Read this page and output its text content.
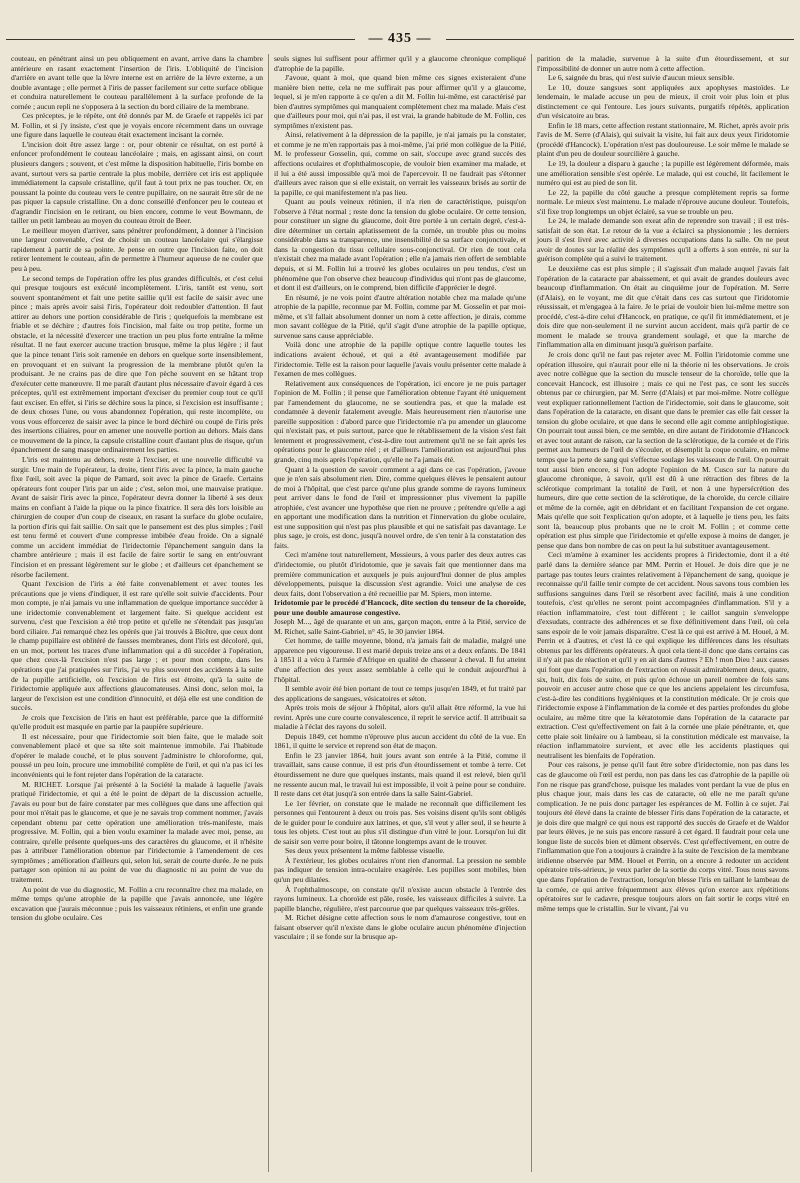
— 435 —

couteau, en pénétrant ainsi un peu obliquement en avant, arrive dans la chambre antérieure en rasant exactement l'insertion de l'iris. L'obliquité de l'incision d'arrière en avant telle que la lèvre interne est en arrière de la lèvre externe, a un double avantage ; elle permet à l'iris de passer facilement sur cette surface oblique et conduira naturellement le couteau parallèlement à la surface profonde de la cornée ; aucun repli ne s'opposera à la section du bord ciliaire de la membrane.

Ces préceptes, je le répète, ont été donnés par M. de Graefe et rappelés ici par M. Follin, et si j'y insiste, c'est que je voyais encore récemment dans un ouvrage une figure dans laquelle le couteau était exactement incisant la cornée.

L'incision doit être assez large : or, pour obtenir ce résultat, on est porté à enfoncer profondément le couteau lancéolaire ; mais, en agissant ainsi, on court plusieurs dangers ; souvent, et c'est même la disposition habituelle, l'iris bombe en avant, surtout vers sa partie centrale la plus mobile, derrière cet iris est appliquée immédiatement la capsule cristalline, qu'il faut à tout prix ne pas toucher. Or, en poussant la pointe du couteau vers le centre pupillaire, on ne saurait être sûr de ne pas piquer la capsule cristalline. On a donc conseillé d'enfoncer peu le couteau et d'agrandir l'incision en le retirant, ou bien encore, comme le veut Bowmann, de tailler un petit lambeau au moyen du couteau étroit de Beer.

Le meilleur moyen d'arriver, sans pénétrer profondément, à donner à l'incision une largeur convenable, c'est de choisir un couteau lancéolaire qui s'élargisse rapidement à partir de sa pointe. Je pense en outre que l'incision faite, on doit retirer lentement le couteau, afin de permettre à l'humeur aqueuse de ne couler que peu à peu.

Le second temps de l'opération offre les plus grandes difficultés, et c'est celui qui presque toujours est exécuté incomplètement. L'iris, tantôt est venu, sort souvent spontanément et fait une petite saillie qu'il est facile de saisir avec une pince ; mais après avoir saisi l'iris, l'opérateur doit redoubler d'attention. Il faut attirer au dehors une portion considérable de l'iris ; quelquefois la membrane est friable et se déchire ; d'autres fois l'incision, mal faite ou trop petite, forme un obstacle, et la nécessité d'exercer une traction un peu plus forte entraîne la même résultat. Il ne faut exercer aucune traction brusque, même la plus légère ; il faut que la pince tenant l'iris soit ramenée en dehors en quelque sorte insensiblement, en provoquant et en suivant la progression de la membrane plutôt qu'en la produisant. Je ne crains pas de dire que l'on pèche souvent en se hâtant trop d'exécuter cette manœuvre. Il me paraît d'autant plus nécessaire d'avoir égard à ces préceptes, qu'il est extrêmement important d'exciser du premier coup tout ce qu'il faut exciser. En effet, si l'iris se déchire sous la pince, si l'excision est insuffisante ; de deux choses l'une, ou vous abandonnez l'opération, qui reste incomplète, ou vous vous efforcerez de saisir avec la pince le bord déchiré ou coupé de l'iris près des insertions ciliaires, pour en amener une nouvelle portion au dehors. Mais dans ce mouvement de la pince, la capsule cristalline court d'autant plus de risque, qu'un épanchement de sang masque ordinairement les parties.

L'iris est maintenu au dehors, reste à l'exciser, et une nouvelle difficulté va surgir. Une main de l'opérateur, la droite, tient l'iris avec la pince, la main gauche fixe l'œil, soit avec la pique de Pamard, soit avec la pince de Graefe. Certains opérateurs font couper l'iris par un aide ; c'est, selon moi, une mauvaise pratique. Avant de saisir l'iris avec la pince, l'opérateur devra donner la liberté à ses deux mains en confiant à l'aide la pique ou la pince fixatrice. Il sera dès lors loisible au chirurgien de couper d'un coup de ciseaux, en rasant la surface du globe oculaire, la portion d'iris qui fait saillie. On sait que le pansement est des plus simples ; l'œil est tenu fermé et couvert d'une compresse imbibée d'eau froide. On a signalé comme un accident immédiat de l'iridectomie l'épanchement sanguin dans la chambre antérieure ; mais il est facile de faire sortir le sang en entr'ouvrant l'incision et en pressant légèrement sur le globe ; et d'ailleurs cet épanchement se résorbe facilement.

Quant l'excision de l'iris a été faite convenablement et avec toutes les précautions que je viens d'indiquer, il est rare qu'elle soit suivie d'accidents. Pour mon compte, je n'ai jamais vu une inflammation de quelque importance succéder à une iridectomie convenablement et largement faite. Si quelque accident est survenu, c'est que l'excision a été trop petite et qu'elle ne s'étendait pas jusqu'au bord ciliaire. J'ai remarqué chez les opérés que j'ai trouvés à Bicêtre, que ceux dont le champ pupillaire est oblitéré de fausses membranes, dont l'iris est décoloré, qui, en un mot, portent les traces d'une inflammation qui a dû succéder à l'opération, que chez ceux-là l'excision n'est pas large ; et pour mon compte, dans les opérations que j'ai pratiquées sur l'iris, j'ai vu plus souvent des accidents à la suite de la pupille artificielle, où l'excision de l'iris est étroite, qu'à la suite de l'iridectomie appliquée aux affections glaucomateuses. Ainsi donc, selon moi, la largeur de l'excision est une condition d'innocuité, et déjà elle est une condition de succès.

Je crois que l'excision de l'iris en haut est préférable, parce que la difformité qu'elle produit est masquée en partie par la paupière supérieure.

Il est nécessaire, pour que l'iridectomie soit bien faite, que le malade soit convenablement placé et que sa tête soit maintenue immobile. J'ai l'habitude d'opérer le malade couché, et le plus souvent j'administre le chloroforme, qui, poussé un peu loin, procure une immobilité complète de l'œil, et qui n'a pas ici les inconvénients qui le font rejeter dans l'opération de la cataracte.

M. RICHET. Lorsque j'ai présenté à la Société la malade à laquelle j'avais pratiqué l'iridectomie, et qui a été le point de départ de la discussion actuelle, j'avais eu pour but de faire constater par mes collègues que dans une affection qui pour moi n'était pas le glaucome, et que je ne savais trop comment nommer, j'avais cependant obtenu par cette opération une amélioration très-manifeste, mais progressive. M. Follin, qui a bien voulu examiner la malade avec moi, pense, au contraire, qu'elle présente quelques-uns des caractères du glaucome, et il n'hésite pas à attribuer l'amélioration obtenue par l'iridectomie à l'amendement de ces symptômes ; amélioration d'ailleurs qui, selon lui, serait de courte durée. Je ne puis partager son opinion ni au point de vue du diagnostic ni au point de vue du traitement.

Au point de vue du diagnostic, M. Follin a cru reconnaître chez ma malade, en même temps qu'une atrophie de la papille que j'avais annoncée, une légère excavation que j'aurais méconnue ; puis les vaisseaux rétiniens, et enfin une grande tension du globe oculaire. Ces

seuls signes lui suffisent pour affirmer qu'il y a glaucome chronique compliqué d'atrophie de la papille.

J'avoue, quant à moi, que quand bien même ces signes existeraient d'une manière bien nette, cela ne me suffirait pas pour affirmer qu'il y a glaucome, lequel, si je m'en rapporte à ce qu'en a dit M. Follin lui-même, est caractérisé par bien d'autres symptômes qui manquaient complètement chez ma malade. Mais c'est que d'ailleurs pour moi, qui n'ai pas, il est vrai, la grande habitude de M. Follin, ces symptômes n'existent pas.

Ainsi, relativement à la dépression de la papille, je n'ai jamais pu la constater, et comme je ne m'en rapportais pas à moi-même, j'ai prié mon collègue de la Pitié, M. le professeur Gosselin, qui, comme on sait, s'occupe avec grand succès des affections oculaires et d'ophthalmoscopie, de vouloir bien examiner ma malade, et il lui a été aussi impossible qu'à moi de l'apercevoir. Il ne faudrait pas s'étonner d'ailleurs avec raison que si elle existait, on verrait les vaisseaux brisés au sortir de la papille, ce qui manifestement n'a pas lieu.

Quant au pouls veineux rétinien, il n'a rien de caractéristique, puisqu'on l'observe à l'état normal ; reste donc la tension du globe oculaire. Or cette tension, pour constituer un signe du glaucome, doit être portée à un certain degré, c'est-à-dire déterminer un certain aplatissement de la cornée, un trouble plus ou moins considérable dans sa transparence, une insensibilité de sa surface conjonctivale, et dans la congestion du tissu cellulaire sous-conjonctival. Or rien de tout cela n'existait chez ma malade avant l'opération ; elle n'a jamais rien offert de semblable depuis, et si M. Follin lui a trouvé les globes oculaires un peu tendus, c'est un phénomène que l'on observe chez beaucoup d'individus qui n'ont pas de glaucome, et dont il est d'ailleurs, on le comprend, bien difficile d'apprécier le degré.

En résumé, je ne vois point d'autre altération notable chez ma malade qu'une atrophie de la papille, reconnue par M. Follin, comme par M. Gosselin et par moi-même, et s'il fallait absolument donner un nom à cette affection, je dirais, comme mon savant collègue de la Pitié, qu'il s'agit d'une atrophie de la papille optique, survenue sans cause appréciable.

Voilà donc une atrophie de la papille optique contre laquelle toutes les indications avaient échoué, et qui a été avantageusement modifiée par l'iridectomie. Telle est la raison pour laquelle j'avais voulu présenter cette malade à l'examen de mes collègues.

Relativement aux conséquences de l'opération, ici encore je ne puis partager l'opinion de M. Follin ; il pense que l'amélioration obtenue l'ayant été uniquement par l'amendement du glaucome, ne se soutiendra pas, et que la malade est condamnée à devenir fatalement aveugle. Mais heureusement rien n'autorise une pareille supposition : d'abord parce que l'iridectomie n'a pu amender un glaucome qui n'existait pas, et puis surtout, parce que le rétablissement de la vision s'est fait lentement et progressivement, c'est-à-dire tout autrement qu'il ne se fait après les opérations pour le glaucome réel ; et d'ailleurs l'amélioration est aujourd'hui plus grande, cinq mois après l'opération, qu'elle ne l'a jamais été.

Quant à la question de savoir comment a agi dans ce cas l'opération, j'avoue que je n'en sais absolument rien. Dire, comme quelques élèves le pensaient autour de moi à l'hôpital, que c'est parce qu'une plus grande somme de rayons lumineux peut arriver dans le fond de l'œil et impressionner plus vivement la papille atrophiée, c'est avancer une hypothèse que rien ne prouve ; prétendre qu'elle a agi en apportant une modification dans la nutrition et l'innervation du globe oculaire, est une supposition qui n'est pas plus plausible et qui ne satisfait pas davantage. Le plus sage, je crois, est donc, jusqu'à nouvel ordre, de s'en tenir à la constatation des faits.

Ceci m'amène tout naturellement, Messieurs, à vous parler des deux autres cas d'iridectomie, ou plutôt d'iridotomie, que je savais fait que mentionner dans ma première communication et auxquels je puis aujourd'hui donner de plus amples développements, puisque la discussion s'est agrandie. Voici une analyse de ces deux faits, dont l'observation a été recueillie par M. Spiers, mon interne.

Iridotomie par le procédé d'Hancock, dite section du tenseur de la choroïde, pour une double amaurose congestive.

Joseph M..., âgé de quarante et un ans, garçon maçon, entre à la Pitié, service de M. Richet, salle Saint-Gabriel, n° 45, le 30 janvier 1864.

Cet homme, de taille moyenne, blond, n'a jamais fait de maladie, malgré une apparence peu vigoureuse. Il est marié depuis treize ans et a deux enfants. De 1841 à 1851 il a vécu à l'armée d'Afrique en qualité de chasseur à cheval. Il fut atteint d'une affection des yeux assez semblable à celle qui le conduit aujourd'hui à l'hôpital.

Il semble avoir été bien portant de tout ce temps jusqu'en 1849, et fut traité par des applications de sangsues, vésicatoires et séton.

Après trois mois de séjour à l'hôpital, alors qu'il allait être réformé, la vue lui revint. Après une cure courte convalescence, il reprit le service actif. Il attribuait sa maladie à l'éclat des rayons du soleil.

Depuis 1849, cet homme n'éprouve plus aucun accident du côté de la vue. En 1861, il quitte le service et reprend son état de maçon.

Enfin le 23 janvier 1864, huit jours avant son entrée à la Pitié, comme il travaillait, sans cause connue, il est pris d'un étourdissement et tombe à terre. Cet étourdissement ne dure que quelques instants, mais quand il est relevé, bien qu'il ne ressente aucun mal, le travail lui est impossible, il voit à peine pour se conduire. Il reste dans cet état jusqu'à son entrée dans la salle Saint-Gabriel.

Le 1er février, on constate que le malade ne reconnaît que difficilement les personnes qui l'entourent à deux ou trois pas. Ses voisins disent qu'ils sont obligés de le guider pour le conduire aux latrines, et que, s'il veut y aller seul, il se heurte à tous les objets. C'est tout au plus s'il distingue d'un vitré le jour. Lorsqu'on lui dit de saisir son verre pour boire, il tâtonne longtemps avant de le trouver.

Ses deux yeux présentent la même faiblesse visuelle.

À l'extérieur, les globes oculaires n'ont rien d'anormal. La pression ne semble pas indiquer de tension intra-oculaire exagérée. Les pupilles sont mobiles, bien qu'un peu dilatées.

À l'ophthalmoscope, on constate qu'il n'existe aucun obstacle à l'entrée des rayons lumineux. La choroïde est pâle, rosée, les vaisseaux difficiles à suivre. La papille blanche, régulière, n'est parcourue que par quelques vaisseaux très-grêles.

M. Richet désigne cette affection sous le nom d'amaurose congestive, tout en faisant observer qu'il n'existe dans le globe oculaire aucun phénomène d'injection vasculaire ; il se fonde sur la brusque ap-

parition de la maladie, survenue à la suite d'un étourdissement, et sur l'impossibilité de donner un autre nom à cette affection.

Le 6, saignée du bras, qui n'est suivie d'aucun mieux sensible.

Le 10, douze sangsues sont appliquées aux apophyses mastoïdes. Le lendemain, le malade accuse un peu de mieux, il croit voir plus loin et plus distinctement ce qui l'entoure. Les jours suivants, purgatifs répétés, application d'un vésicatoire au bras.

Enfin le 18 mars, cette affection restant stationnaire, M. Richet, après avoir pris l'avis de M. Serre (d'Alais), qui suivait la visite, lui fait aux deux yeux l'iridotomie (procédé d'Hancock). L'opération n'est pas douloureuse. Le soir même le malade se plaint d'un peu de douleur sourcilière à gauche.

Le 19, la douleur a disparu à gauche ; la pupille est légèrement déformée, mais une amélioration sensible s'est opérée. Le malade, qui est couché, lit facilement le numéro qui est au pied de son lit.

Le 22, la papille du côté gauche a presque complètement repris sa forme normale. Le mieux s'est maintenu. Le malade n'éprouve aucune douleur. Toutefois, s'il fixe trop longtemps un objet éclairé, sa vue se trouble un peu.

Le 24, le malade demande son exeat afin de reprendre son travail ; il est très-satisfait de son état. Le retour de la vue a éclairci sa physionomie ; les derniers jours il s'est livré avec activité à diverses occupations dans la salle. On ne peut avoir de doutes sur la réalité des symptômes qu'il a offerts à son entrée, ni sur la guérison complète qui a suivi le traitement.

Le deuxième cas est plus simple ; il s'agissait d'un malade auquel j'avais fait l'opération de la cataracte par abaissement, et qui avait de grandes douleurs avec beaucoup d'inflammation. On était au cinquième jour de l'opération. M. Serre (d'Alais), en le voyant, me dit que c'était dans ces cas surtout que l'iridotomie réussissait, et m'engagea à la faire. Je le priai de vouloir bien lui-même mettre son procédé, c'est-à-dire celui d'Hancock, en pratique, ce qu'il fit immédiatement, et je dois dire que non-seulement il ne survint aucun accident, mais qu'à partir de ce moment le malade se trouva grandement soulagé, et que la marche de l'inflammation alla en diminuant jusqu'à guérison parfaite.

Je crois donc qu'il ne faut pas rejeter avec M. Follin l'iridotomie comme une opération illusoire, qui n'aurait pour elle ni la théorie ni les observations. Je crois avec notre collègue que la section du muscle tenseur de la choroïde, telle que la concevait Hancock, est illusoire ; mais ce qui ne l'est pas, ce sont les succès obtenus par ce chirurgien, par M. Serre (d'Alais) et par moi-même. Notre collègue veut expliquer rationnellement l'action de l'iridectomie, soit dans le glaucome, soit dans l'opération de la cataracte, en disant que dans le premier cas elle fait cesser la tension du globe oculaire, et que dans le second elle agit comme antiphlogistique. On pourrait tout aussi bien, ce me semble, en dire autant de l'iridotomie d'Hancock et avec tout autant de raison, car la section de la sclérotique, de la cornée et de l'iris permet aux humeurs de l'œil de s'écouler, et désemplit la coque oculaire, en même temps que la perte de sang qui s'effectue soulage les vaisseaux de l'œil. On pourrait tout aussi bien encore, si l'on adopte l'opinion de M. Cusco sur la nature du glaucome chronique, à savoir, qu'il est dû à une rétraction des fibres de la sclérotique comprimant la totalité de l'œil, et non à une hypersécrétion des humeurs, dire que cette section de la sclérotique, de la choroïde, du cercle ciliaire et même de la cornée, agit en débridant et en facilitant l'expansion de cet organe. Mais qu'elle que soit l'explication qu'on adopte, et à laquelle je tiens peu, les faits sont là, beaucoup plus probants que ne le croit M. Follin ; et comme cette opération est plus simple que l'iridectomie et qu'elle expose à moins de danger, je pense que dans bon nombre de cas on peut la lui substituer avantageusement.

Ceci m'amène à examiner les accidents propres à l'iridectomie, dont il a été parlé dans la dernière séance par MM. Perrin et Houel. Je dois dire que je ne partage pas toutes leurs craintes relativement à l'épanchement de sang, quoique je reconnaisse qu'il faille tenir compte de cet accident. Nous savons tous combien les suffusions sanguines dans l'œil se résorbent avec facilité, mais à une condition toutefois, c'est qu'elles ne seront point accompagnées d'inflammation. S'il y a réaction inflammatoire, c'est tout différent ; le caillot sanguin s'enveloppe d'exsudats, contracte des adhérences et se fixe définitivement dans l'œil, où cela sans espoir de le voir jamais disparaître. C'est là ce qui est arrivé à M. Houel, à M. Perrin et à d'autres, et c'est là ce qui explique les différences dans les résultats obtenus par les différents opérateurs. À quoi cela tient-il donc que dans certains cas il n'y ait pas de réaction et qu'il y en ait dans d'autres ? Eh ! mon Dieu ! aux causes qui font que dans l'opération de l'extraction on réussit admirablement deux, quatre, six, huit, dix fois de suite, et puis qu'on échoue un pareil nombre de fois sans pouvoir en accuser autre chose que ce que les anciens appelaient les circumfusa, c'est-à-dire les conditions hygiéniques et la constitution médicale. Or je crois que l'iridectomie expose à l'inflammation de la cornée et des parties profondes du globe oculaire, au même titre que la kératotomie dans l'opération de la cataracte par extraction. C'est qu'effectivement on fait à la cornée une plaie pénétrante, et, que cette plaie soit linéaire ou à lambeau, si la constitution médicale est mauvaise, la réaction inflammatoire survient, et avec elle les accidents plastiques qui neutralisent les bienfaits de l'opération.

Pour ces raisons, je pense qu'il faut être sobre d'iridectomie, non pas dans les cas de glaucome où l'œil est perdu, non pas dans les cas d'atrophie de la papille où l'on ne risque pas grand'chose, puisque les malades vont perdant la vue de plus en plus chaque jour, mais dans les cas de cataracte, où elle ne me paraît qu'une complication. Je ne puis donc partager les espérances de M. Follin à ce sujet. J'ai toujours été élevé dans la crainte de blesser l'iris dans l'opération de la cataracte, et je dois dire que malgré ce qui nous est rapporté des succès de Graefe et de Waldor par leurs élèves, je ne suis pas encore rassuré à cet égard. Il faudrait pour cela une longue liste de succès bien et dûment observés. C'est qu'effectivement, en outre de l'inflammation que l'on a toujours à craindre à la suite de l'excision de la membrane iridienne observée par MM. Houel et Perrin, on a encore à redouter un accident opératoire très-sérieux, je veux parler de la sortie du corps vitré. Tous nous savons que dans l'opération de l'extraction, lorsqu'on blesse l'iris en taillant le lambeau de la cornée, ce qui arrive fréquemment aux élèves qu'on exerce aux répétitions opératoires sur le cadavre, presque toujours alors on fait sortir le corps vitré en même temps que le cristallin. Sur le vivant, j'ai vu
